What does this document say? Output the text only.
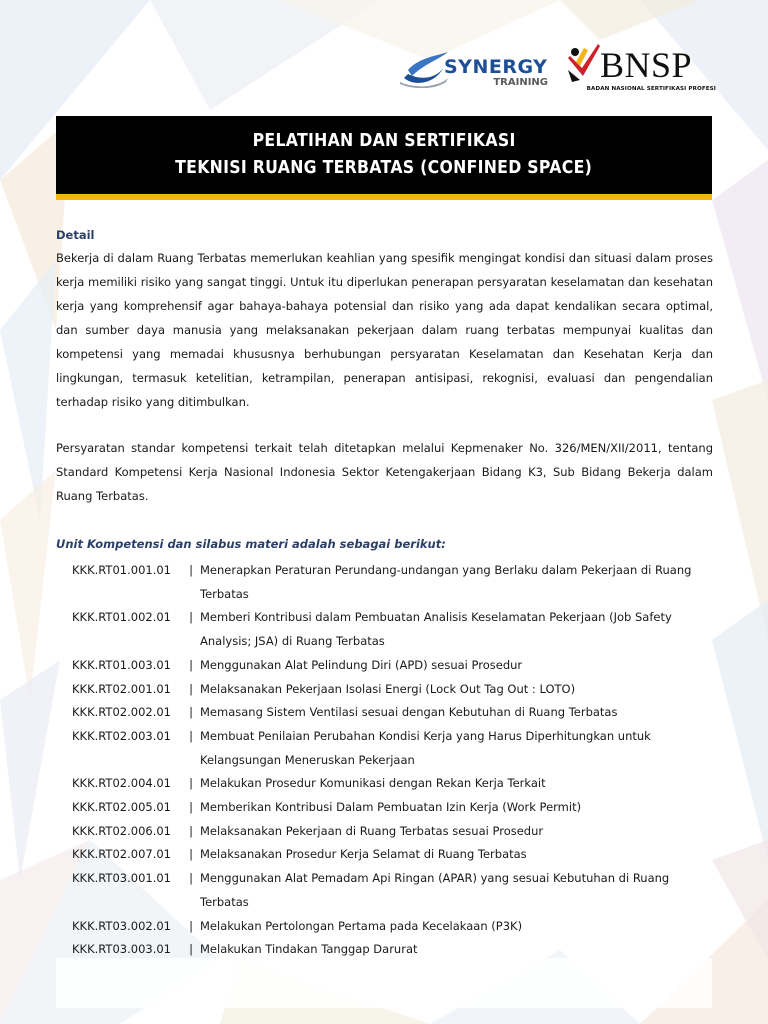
SYNERGY
TRAINING BNSP
BADAN NASIONAL SERTIFIKASI PROFESI
PELATIHAN DAN SERTIFIKASI
TEKNISI RUANG TERBATAS (CONFINED SPACE)
Detail
Bekerja di dalam Ruang Terbatas memerlukan keahlian yang spesifik mengingat kondisi dan situasi dalam proses kerja memiliki risiko yang sangat tinggi. Untuk itu diperlukan penerapan persyaratan keselamatan dan kesehatan kerja yang komprehensif agar bahaya-bahaya potensial dan risiko yang ada dapat kendalikan secara optimal, dan sumber daya manusia yang melaksanakan pekerjaan dalam ruang terbatas mempunyai kualitas dan kompetensi yang memadai khususnya berhubungan persyaratan Keselamatan dan Kesehatan Kerja dan lingkungan, termasuk ketelitian, ketrampilan, penerapan antisipasi, rekognisi, evaluasi dan pengendalian terhadap risiko yang ditimbulkan.
Persyaratan standar kompetensi terkait telah ditetapkan melalui Kepmenaker No. 326/MEN/XII/2011, tentang Standard Kompetensi Kerja Nasional Indonesia Sektor Ketengakerjaan Bidang K3, Sub Bidang Bekerja dalam Ruang Terbatas.
Unit Kompetensi dan silabus materi adalah sebagai berikut:
KKK.RT01.001.01	| Menerapkan Peraturan Perundang-undangan yang Berlaku dalam Pekerjaan di Ruang Terbatas
KKK.RT01.002.01	| Memberi Kontribusi dalam Pembuatan Analisis Keselamatan Pekerjaan (Job Safety Analysis; JSA) di Ruang Terbatas
KKK.RT01.003.01	| Menggunakan Alat Pelindung Diri (APD) sesuai Prosedur
KKK.RT02.001.01	| Melaksanakan Pekerjaan Isolasi Energi (Lock Out Tag Out : LOTO)
KKK.RT02.002.01	| Memasang Sistem Ventilasi sesuai dengan Kebutuhan di Ruang Terbatas
KKK.RT02.003.01	| Membuat Penilaian Perubahan Kondisi Kerja yang Harus Diperhitungkan untuk Kelangsungan Meneruskan Pekerjaan
KKK.RT02.004.01	| Melakukan Prosedur Komunikasi dengan Rekan Kerja Terkait
KKK.RT02.005.01	| Memberikan Kontribusi Dalam Pembuatan Izin Kerja (Work Permit)
KKK.RT02.006.01	| Melaksanakan Pekerjaan di Ruang Terbatas sesuai Prosedur
KKK.RT02.007.01	| Melaksanakan Prosedur Kerja Selamat di Ruang Terbatas
KKK.RT03.001.01	| Menggunakan Alat Pemadam Api Ringan (APAR) yang sesuai Kebutuhan di Ruang Terbatas
KKK.RT03.002.01	| Melakukan Pertolongan Pertama pada Kecelakaan (P3K)
KKK.RT03.003.01	| Melakukan Tindakan Tanggap Darurat
